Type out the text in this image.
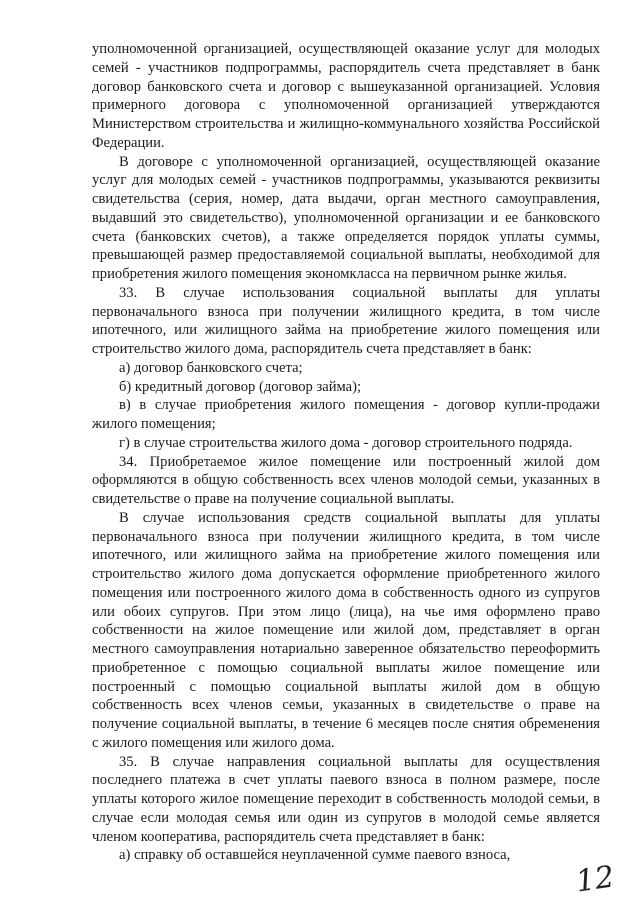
уполномоченной организацией, осуществляющей оказание услуг для молодых семей - участников подпрограммы, распорядитель счета представляет в банк договор банковского счета и договор с вышеуказанной организацией. Условия примерного договора с уполномоченной организацией утверждаются Министерством строительства и жилищно-коммунального хозяйства Российской Федерации.

В договоре с уполномоченной организацией, осуществляющей оказание услуг для молодых семей - участников подпрограммы, указываются реквизиты свидетельства (серия, номер, дата выдачи, орган местного самоуправления, выдавший это свидетельство), уполномоченной организации и ее банковского счета (банковских счетов), а также определяется порядок уплаты суммы, превышающей размер предоставляемой социальной выплаты, необходимой для приобретения жилого помещения экономкласса на первичном рынке жилья.

33. В случае использования социальной выплаты для уплаты первоначального взноса при получении жилищного кредита, в том числе ипотечного, или жилищного займа на приобретение жилого помещения или строительство жилого дома, распорядитель счета представляет в банк:

а) договор банковского счета;

б) кредитный договор (договор займа);

в) в случае приобретения жилого помещения - договор купли-продажи жилого помещения;

г) в случае строительства жилого дома - договор строительного подряда.

34. Приобретаемое жилое помещение или построенный жилой дом оформляются в общую собственность всех членов молодой семьи, указанных в свидетельстве о праве на получение социальной выплаты.

В случае использования средств социальной выплаты для уплаты первоначального взноса при получении жилищного кредита, в том числе ипотечного, или жилищного займа на приобретение жилого помещения или строительство жилого дома допускается оформление приобретенного жилого помещения или построенного жилого дома в собственность одного из супругов или обоих супругов. При этом лицо (лица), на чье имя оформлено право собственности на жилое помещение или жилой дом, представляет в орган местного самоуправления нотариально заверенное обязательство переоформить приобретенное с помощью социальной выплаты жилое помещение или построенный с помощью социальной выплаты жилой дом в общую собственность всех членов семьи, указанных в свидетельстве о праве на получение социальной выплаты, в течение 6 месяцев после снятия обременения с жилого помещения или жилого дома.

35. В случае направления социальной выплаты для осуществления последнего платежа в счет уплаты паевого взноса в полном размере, после уплаты которого жилое помещение переходит в собственность молодой семьи, в случае если молодая семья или один из супругов в молодой семье является членом кооператива, распорядитель счета представляет в банк:

а) справку об оставшейся неуплаченной сумме паевого взноса,

12
